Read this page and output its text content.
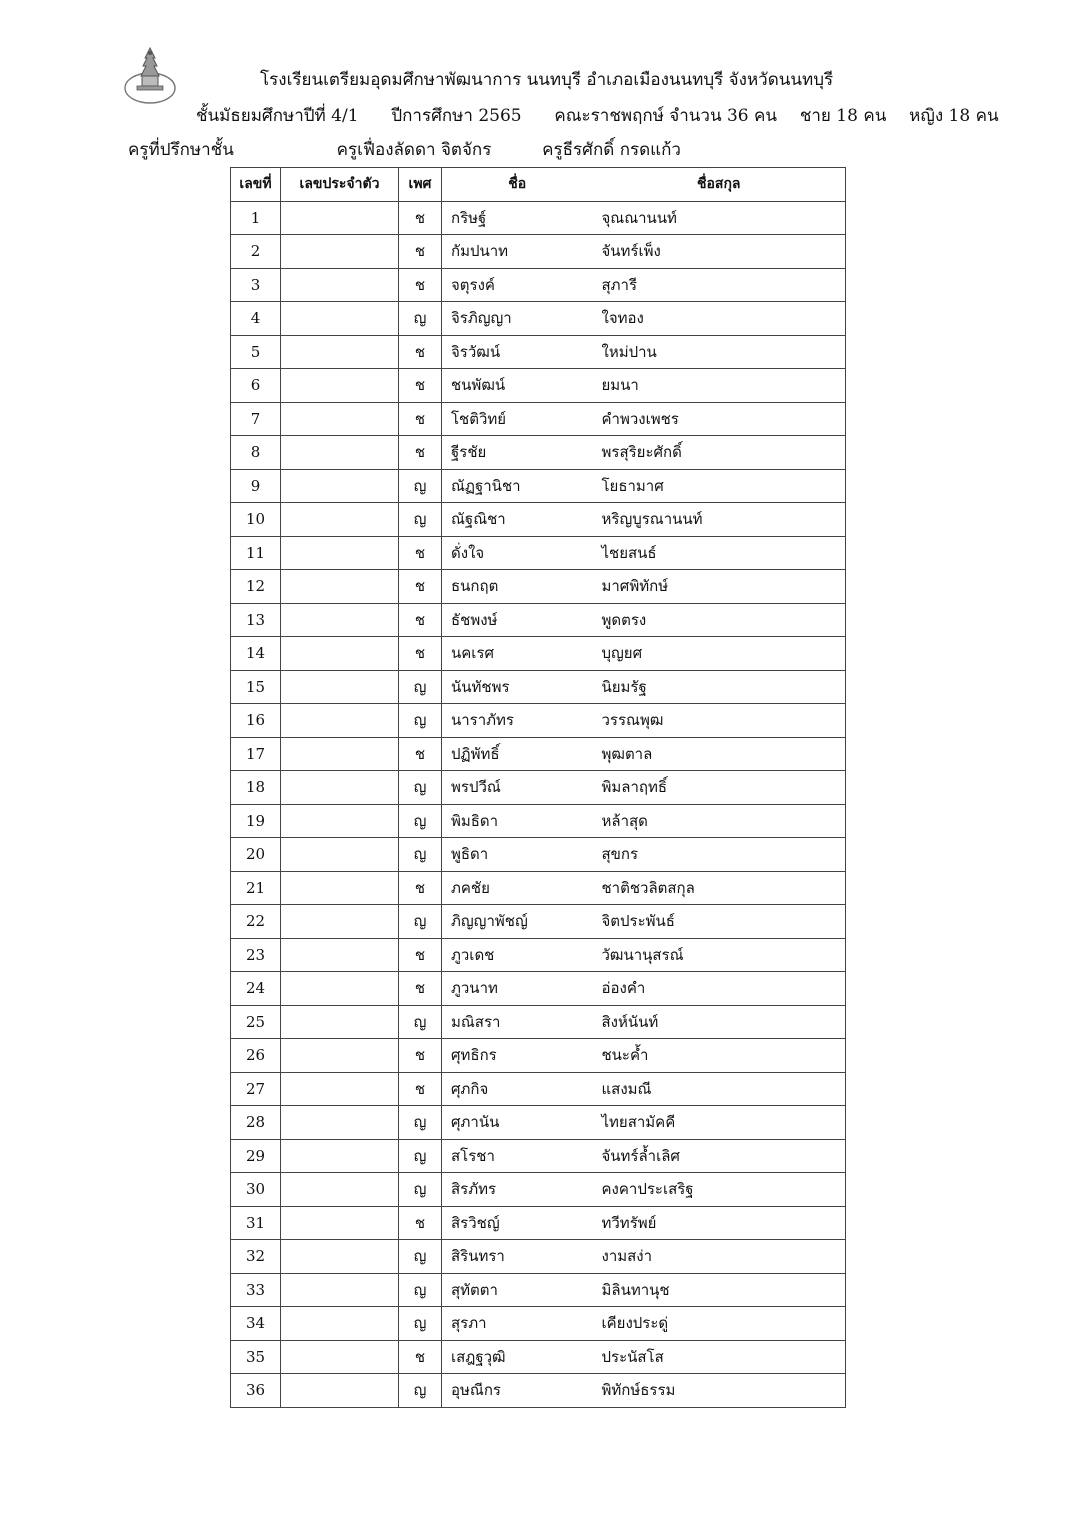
โรงเรียนเตรียมอุดมศึกษาพัฒนาการ นนทบุรี อำเภอเมืองนนทบุรี จังหวัดนนทบุรี
ชั้นมัธยมศึกษาปีที่ 4/1 ปีการศึกษา 2565 คณะราชพฤกษ์ จำนวน 36 คน ชาย 18 คน หญิง 18 คน
ครูที่ปรึกษาชั้น	ครูเฟื่องลัดดา จิตจักร	ครูธีรศักดิ์ กรดแก้ว
เลขที่	เลขประจำตัว	เพศ	ชื่อ	ชื่อสกุล
1		ช	กริษฐ์	จุณณานนท์
2		ช	กัมปนาท	จันทร์เพ็ง
3		ช	จตุรงค์	สุภารี
4		ญ	จิรภิญญา	ใจทอง
5		ช	จิรวัฒน์	ใหม่ปาน
6		ช	ชนพัฒน์	ยมนา
7		ช	โชติวิทย์	คำพวงเพชร
8		ช	ฐีรชัย	พรสุริยะศักดิ์
9		ญ	ณัฏฐานิชา	โยธามาศ
10		ญ	ณัฐณิชา	หริญบูรณานนท์
11		ช	ดั่งใจ	ไชยสนธ์
12		ช	ธนกฤต	มาศพิทักษ์
13		ช	ธัชพงษ์	พูดตรง
14		ช	นคเรศ	บุญยศ
15		ญ	นันทัชพร	นิยมรัฐ
16		ญ	นาราภัทร	วรรณพุฒ
17		ช	ปฏิพัทธิ์	พุฒตาล
18		ญ	พรปวีณ์	พิมลาฤทธิ์
19		ญ	พิมธิดา	หล้าสุด
20		ญ	พูธิดา	สุขกร
21		ช	ภคชัย	ชาติชวลิตสกุล
22		ญ	ภิญญาพัชญ์	จิตประพันธ์
23		ช	ภูวเดช	วัฒนานุสรณ์
24		ช	ภูวนาท	อ่องคำ
25		ญ	มณิสรา	สิงห์นันท์
26		ช	ศุทธิกร	ชนะค้ำ
27		ช	ศุภกิจ	แสงมณี
28		ญ	ศุภานัน	ไทยสามัคคี
29		ญ	สโรชา	จันทร์ล้ำเลิศ
30		ญ	สิรภัทร	คงคาประเสริฐ
31		ช	สิรวิชญ์	ทวีทรัพย์
32		ญ	สิรินทรา	งามสง่า
33		ญ	สุทัตตา	มิลินทานุช
34		ญ	สุรภา	เคียงประดู่
35		ช	เสฎฐวุฒิ	ประนัสโส
36		ญ	อุษณีกร	พิทักษ์ธรรม
